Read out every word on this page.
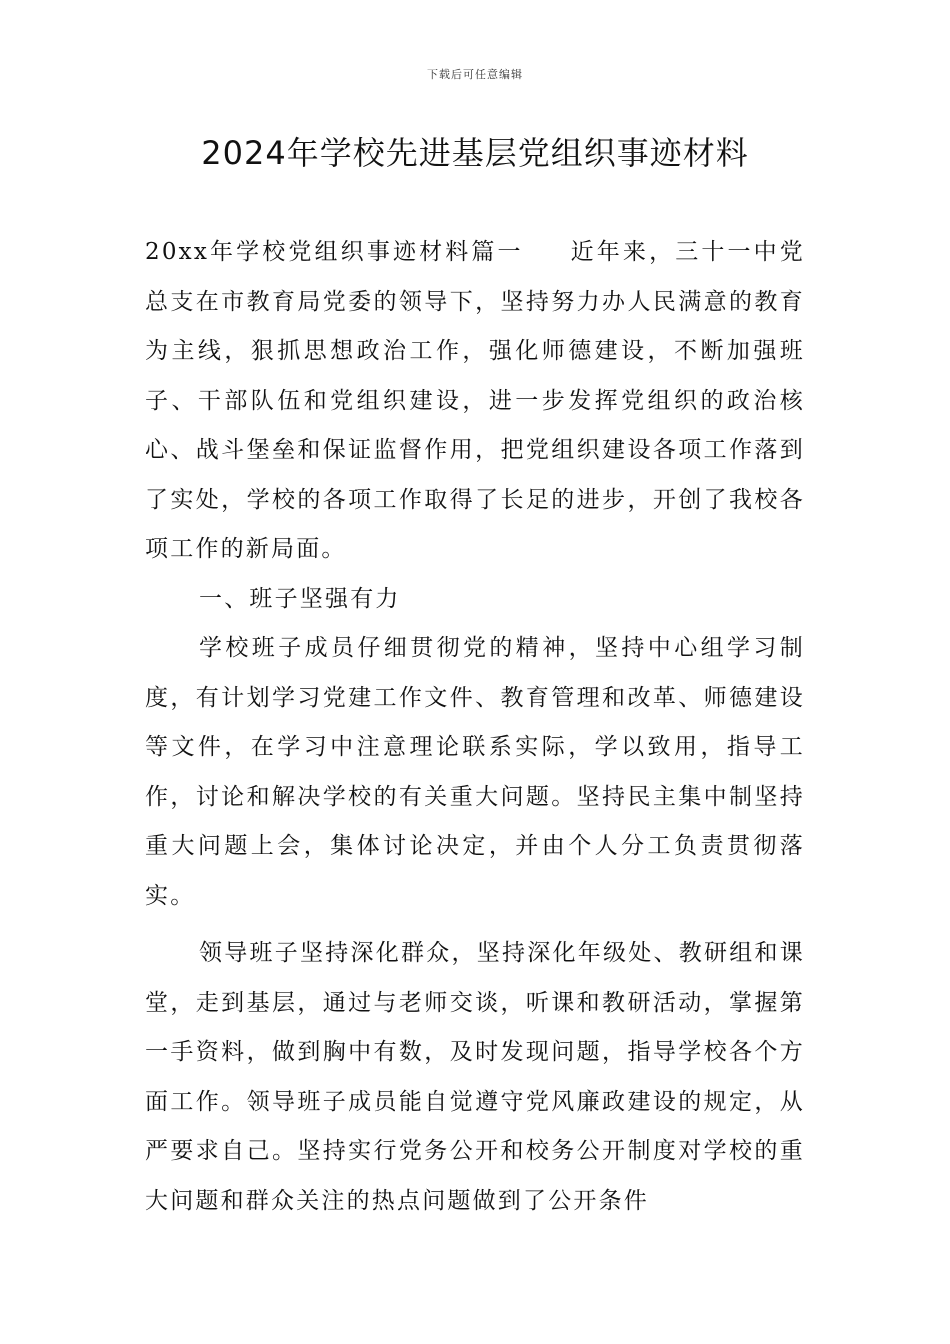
下载后可任意编辑
2024年学校先进基层党组织事迹材料

20xx年学校党组织事迹材料篇一 近年来，三十一中党总支在市教育局党委的领导下，坚持努力办人民满意的教育为主线，狠抓思想政治工作，强化师德建设，不断加强班子、干部队伍和党组织建设，进一步发挥党组织的政治核心、战斗堡垒和保证监督作用，把党组织建设各项工作落到了实处，学校的各项工作取得了长足的进步，开创了我校各项工作的新局面。

一、班子坚强有力

学校班子成员仔细贯彻党的精神，坚持中心组学习制度，有计划学习党建工作文件、教育管理和改革、师德建设等文件，在学习中注意理论联系实际，学以致用，指导工作，讨论和解决学校的有关重大问题。坚持民主集中制坚持重大问题上会，集体讨论决定，并由个人分工负责贯彻落实。

领导班子坚持深化群众，坚持深化年级处、教研组和课堂，走到基层，通过与老师交谈，听课和教研活动，掌握第一手资料，做到胸中有数，及时发现问题，指导学校各个方面工作。领导班子成员能自觉遵守党风廉政建设的规定，从严要求自己。坚持实行党务公开和校务公开制度对学校的重大问题和群众关注的热点问题做到了公开条件
